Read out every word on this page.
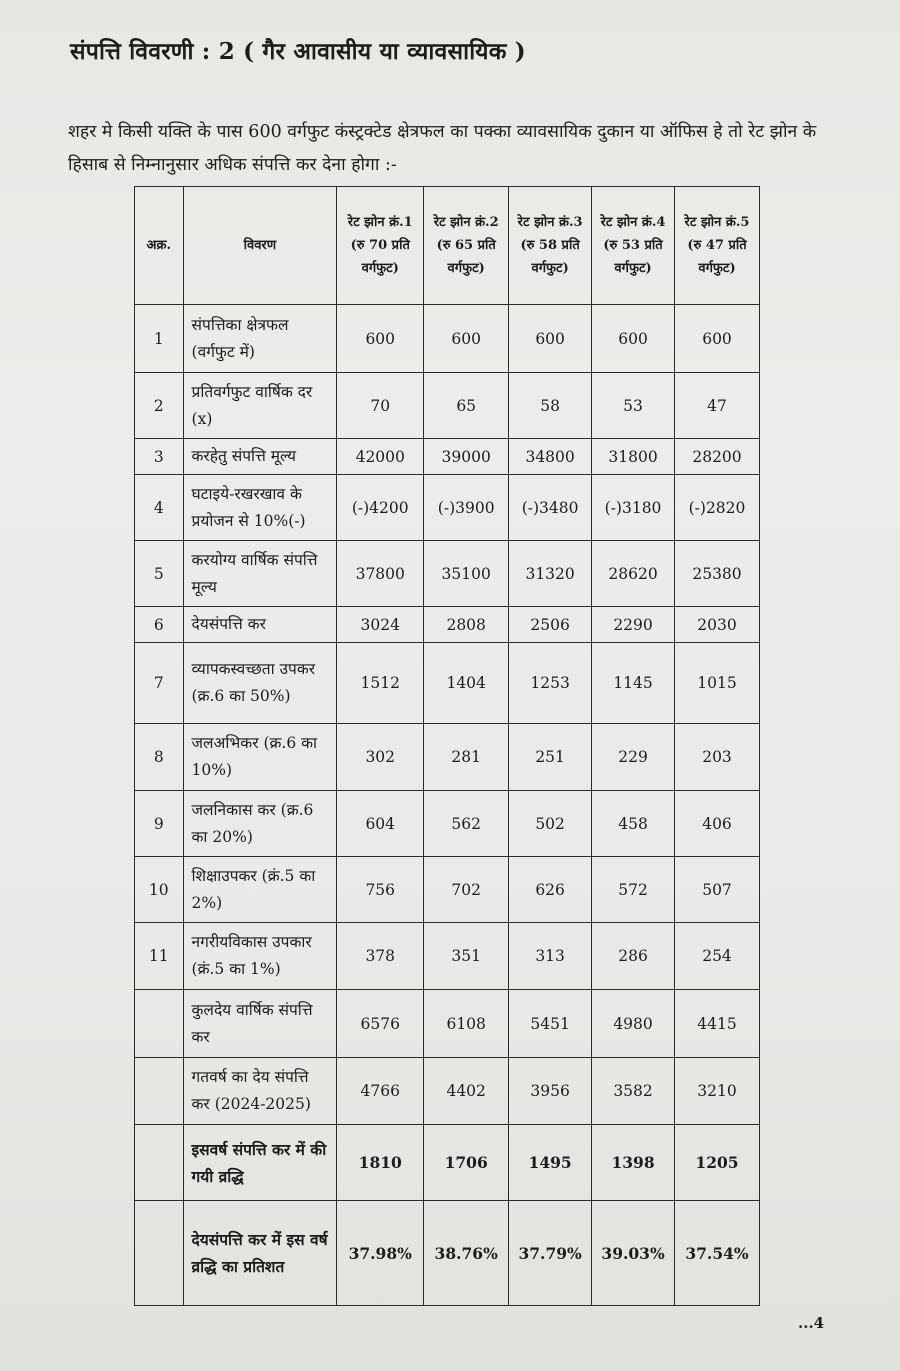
संपत्ति विवरणी : 2 ( गैर आवासीय या व्यावसायिक )
शहर मे किसी यक्ति के पास 600 वर्गफुट कंस्ट्रक्टेड क्षेत्रफल का पक्का व्यावसायिक दुकान या ऑफिस हे तो रेट झोन के हिसाब से निम्नानुसार अधिक संपत्ति कर देना होगा :-
अक्र.	विवरण	रेट झोन क्रं.1 (रु 70 प्रति वर्गफुट)	रेट झोन क्रं.2 (रु 65 प्रति वर्गफुट)	रेट झोन क्रं.3 (रु 58 प्रति वर्गफुट)	रेट झोन क्रं.4 (रु 53 प्रति वर्गफुट)	रेट झोन क्रं.5 (रु 47 प्रति वर्गफुट)
1	संपत्तिका क्षेत्रफल (वर्गफुट में)	600	600	600	600	600
2	प्रतिवर्गफुट वार्षिक दर (x)	70	65	58	53	47
3	करहेतु संपत्ति मूल्य	42000	39000	34800	31800	28200
4	घटाइये-रखरखाव के प्रयोजन से 10%(-)	(-)4200	(-)3900	(-)3480	(-)3180	(-)2820
5	करयोग्य वार्षिक संपत्ति मूल्य	37800	35100	31320	28620	25380
6	देयसंपत्ति कर	3024	2808	2506	2290	2030
7	व्यापकस्वच्छता उपकर (क्र.6 का 50%)	1512	1404	1253	1145	1015
8	जलअभिकर (क्र.6 का 10%)	302	281	251	229	203
9	जलनिकास कर (क्र.6 का 20%)	604	562	502	458	406
10	शिक्षाउपकर (क्रं.5 का 2%)	756	702	626	572	507
11	नगरीयविकास उपकार (क्रं.5 का 1%)	378	351	313	286	254
	कुलदेय वार्षिक संपत्ति कर	6576	6108	5451	4980	4415
	गतवर्ष का देय संपत्ति कर (2024-2025)	4766	4402	3956	3582	3210
	इसवर्ष संपत्ति कर में की गयी व्रद्धि	1810	1706	1495	1398	1205
	देयसंपत्ति कर में इस वर्ष व्रद्धि का प्रतिशत	37.98%	38.76%	37.79%	39.03%	37.54%
...4
